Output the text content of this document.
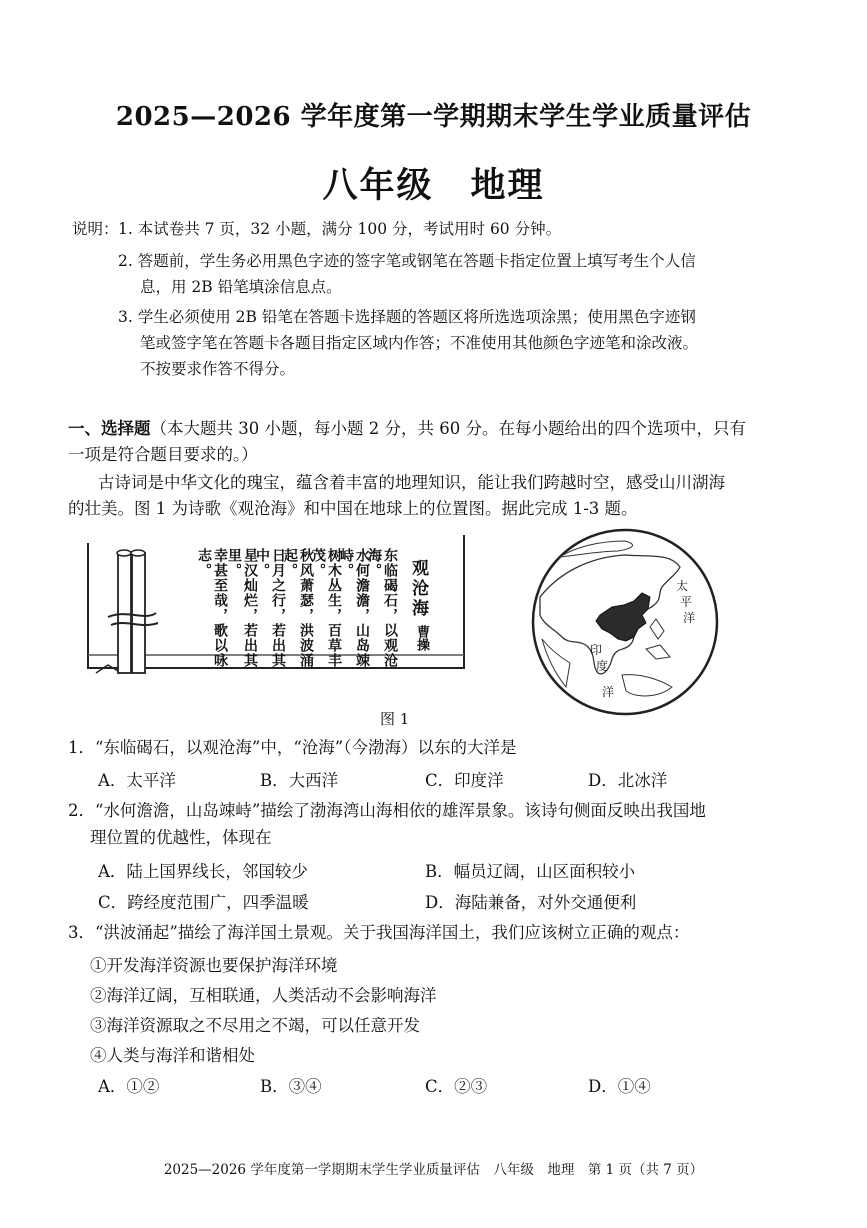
2025—2026 学年度第一学期期末学生学业质量评估
八年级　地理
说明： 1. 本试卷共 7 页，32 小题，满分 100 分，考试用时 60 分钟。
2. 答题前，学生务必用黑色字迹的签字笔或钢笔在答题卡指定位置上填写考生个人信
息，用 2B 铅笔填涂信息点。
3. 学生必须使用 2B 铅笔在答题卡选择题的答题区将所选选项涂黑；使用黑色字迹钢
笔或签字笔在答题卡各题目指定区域内作答；不准使用其他颜色字迹笔和涂改液。
不按要求作答不得分。
一、选择题（本大题共 30 小题，每小题 2 分，共 60 分。在每小题给出的四个选项中，只有
一项是符合题目要求的。）
古诗词是中华文化的瑰宝，蕴含着丰富的地理知识，能让我们跨越时空，感受山川湖海
的壮美。图 1 为诗歌《观沧海》和中国在地球上的位置图。据此完成 1-3 题。
幸甚至哉，歌以咏志。	星汉灿烂，若出其里。	日月之行，若出其中。	秋风萧瑟，洪波涌起。	树木丛生，百草丰茂。	水何澹澹，山岛竦峙。	东临碣石，以观沧海。	观沧海
曹操
太
平
洋
印
度
洋
图 1
1．“东临碣石，以观沧海”中，“沧海”（今渤海）以东的大洋是
A．太平洋	B．大西洋	C．印度洋	D．北冰洋
2．“水何澹澹，山岛竦峙”描绘了渤海湾山海相依的雄浑景象。该诗句侧面反映出我国地
理位置的优越性，体现在
A．陆上国界线长，邻国较少	B．幅员辽阔，山区面积较小
C．跨经度范围广，四季温暖	D．海陆兼备，对外交通便利
3．“洪波涌起”描绘了海洋国土景观。关于我国海洋国土，我们应该树立正确的观点：
①开发海洋资源也要保护海洋环境
②海洋辽阔，互相联通，人类活动不会影响海洋
③海洋资源取之不尽用之不竭，可以任意开发
④人类与海洋和谐相处
A．①②	B．③④	C．②③	D．①④
2025—2026 学年度第一学期期末学生学业质量评估　八年级　地理　第 1 页（共 7 页）
